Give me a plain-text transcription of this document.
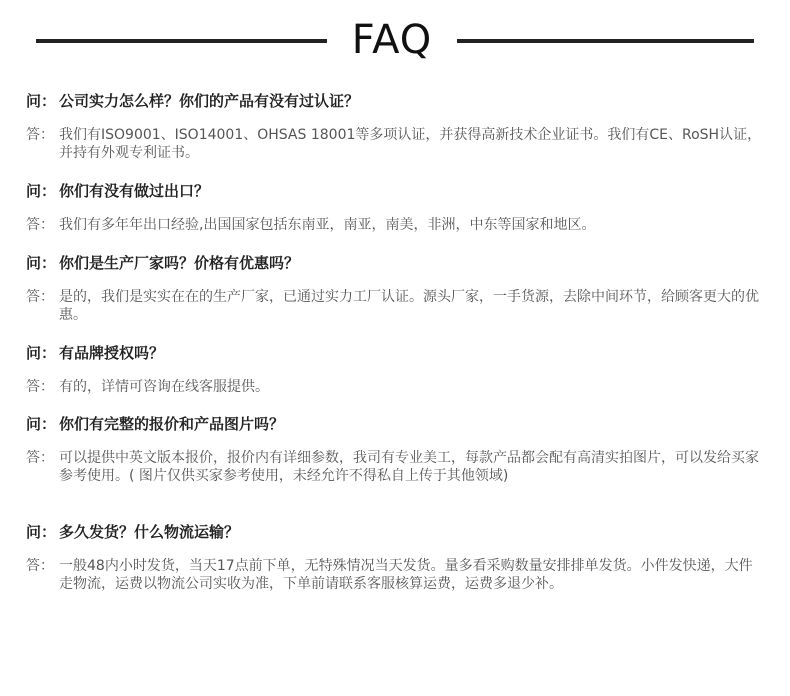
FAQ
问： 公司实力怎么样？你们的产品有没有过认证？
答： 我们有ISO9001、ISO14001、OHSAS 18001等多项认证，并获得高新技术企业证书。我们有CE、RoSH认证，并持有外观专利证书。
问： 你们有没有做过出口？
答： 我们有多年年出口经验,出国国家包括东南亚，南亚，南美，非洲，中东等国家和地区。
问： 你们是生产厂家吗？价格有优惠吗？
答： 是的，我们是实实在在的生产厂家，已通过实力工厂认证。源头厂家，一手货源，去除中间环节，给顾客更大的优惠。
问： 有品牌授权吗？
答： 有的，详情可咨询在线客服提供。
问： 你们有完整的报价和产品图片吗？
答： 可以提供中英文版本报价，报价内有详细参数，我司有专业美工，每款产品都会配有高清实拍图片，可以发给买家参考使用。( 图片仅供买家参考使用，未经允许不得私自上传于其他领域)
问： 多久发货？什么物流运输？
答： 一般48内小时发货，当天17点前下单，无特殊情况当天发货。量多看采购数量安排排单发货。小件发快递，大件走物流，运费以物流公司实收为准，下单前请联系客服核算运费，运费多退少补。
